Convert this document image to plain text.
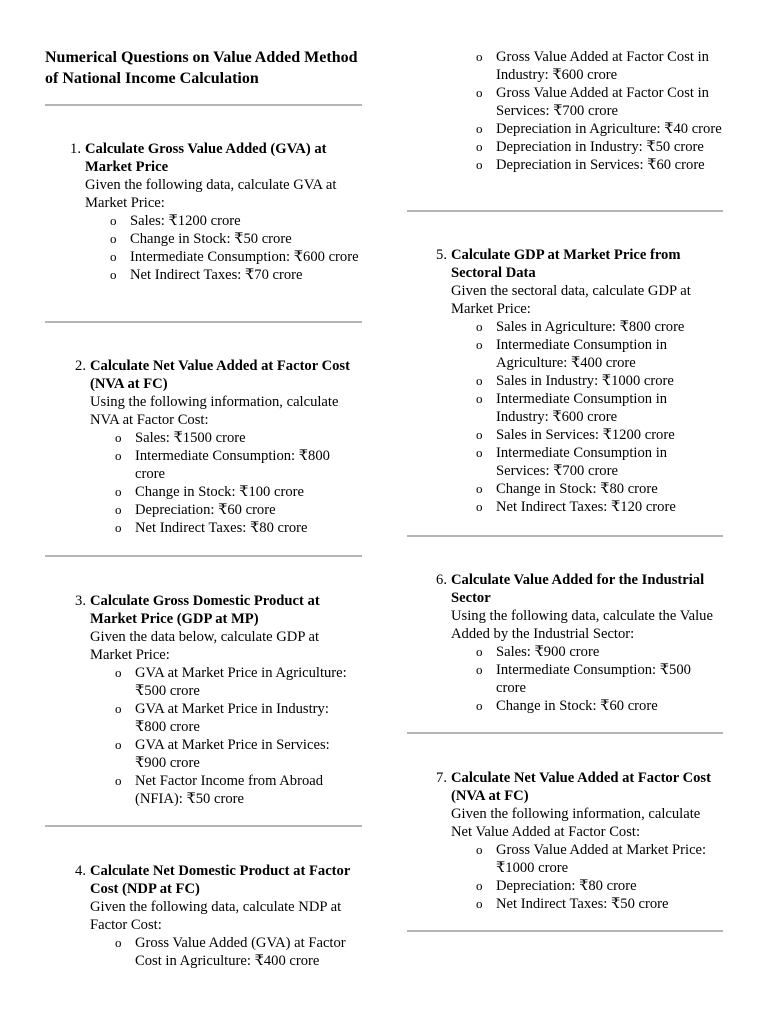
Numerical Questions on Value Added Method of National Income Calculation
1. Calculate Gross Value Added (GVA) at Market Price
Given the following data, calculate GVA at Market Price:
o Sales: ₹1200 crore
o Change in Stock: ₹50 crore
o Intermediate Consumption: ₹600 crore
o Net Indirect Taxes: ₹70 crore
2. Calculate Net Value Added at Factor Cost (NVA at FC)
Using the following information, calculate NVA at Factor Cost:
o Sales: ₹1500 crore
o Intermediate Consumption: ₹800 crore
o Change in Stock: ₹100 crore
o Depreciation: ₹60 crore
o Net Indirect Taxes: ₹80 crore
3. Calculate Gross Domestic Product at Market Price (GDP at MP)
Given the data below, calculate GDP at Market Price:
o GVA at Market Price in Agriculture: ₹500 crore
o GVA at Market Price in Industry: ₹800 crore
o GVA at Market Price in Services: ₹900 crore
o Net Factor Income from Abroad (NFIA): ₹50 crore
4. Calculate Net Domestic Product at Factor Cost (NDP at FC)
Given the following data, calculate NDP at Factor Cost:
o Gross Value Added (GVA) at Factor Cost in Agriculture: ₹400 crore
o Gross Value Added at Factor Cost in Industry: ₹600 crore
o Gross Value Added at Factor Cost in Services: ₹700 crore
o Depreciation in Agriculture: ₹40 crore
o Depreciation in Industry: ₹50 crore
o Depreciation in Services: ₹60 crore
5. Calculate GDP at Market Price from Sectoral Data
Given the sectoral data, calculate GDP at Market Price:
o Sales in Agriculture: ₹800 crore
o Intermediate Consumption in Agriculture: ₹400 crore
o Sales in Industry: ₹1000 crore
o Intermediate Consumption in Industry: ₹600 crore
o Sales in Services: ₹1200 crore
o Intermediate Consumption in Services: ₹700 crore
o Change in Stock: ₹80 crore
o Net Indirect Taxes: ₹120 crore
6. Calculate Value Added for the Industrial Sector
Using the following data, calculate the Value Added by the Industrial Sector:
o Sales: ₹900 crore
o Intermediate Consumption: ₹500 crore
o Change in Stock: ₹60 crore
7. Calculate Net Value Added at Factor Cost (NVA at FC)
Given the following information, calculate Net Value Added at Factor Cost:
o Gross Value Added at Market Price: ₹1000 crore
o Depreciation: ₹80 crore
o Net Indirect Taxes: ₹50 crore
